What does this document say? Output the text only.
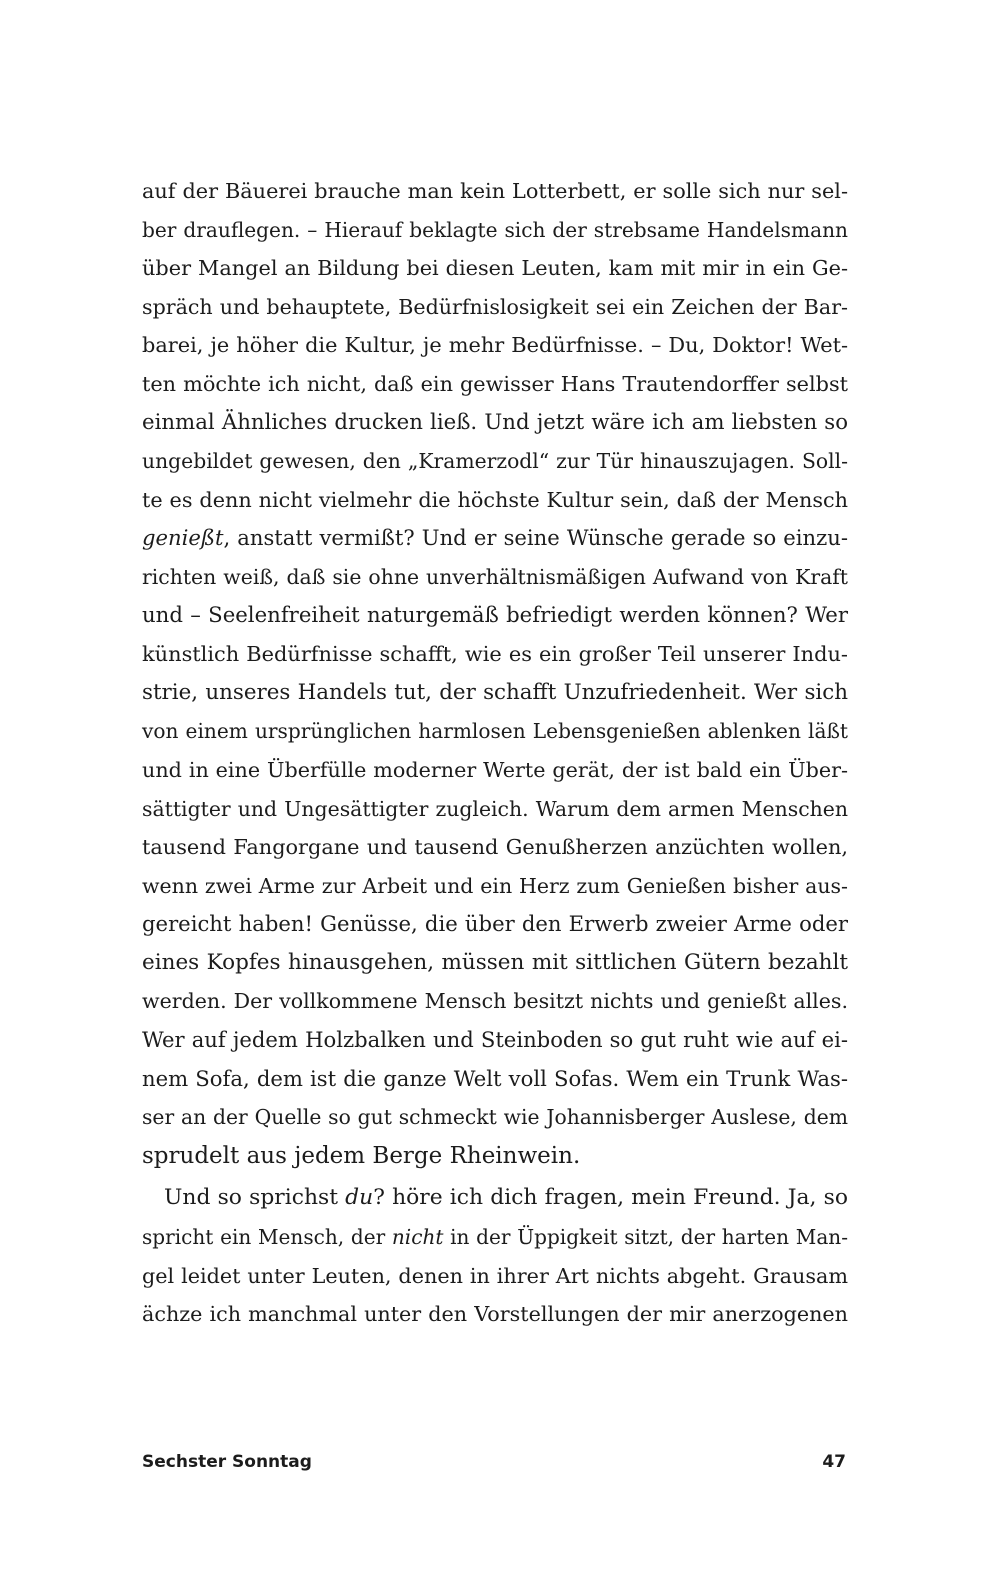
auf der Bäuerei brauche man kein Lotterbett, er solle sich nur sel-
ber drauflegen. – Hierauf beklagte sich der strebsame Handelsmann
über Mangel an Bildung bei diesen Leuten, kam mit mir in ein Ge-
spräch und behauptete, Bedürfnislosigkeit sei ein Zeichen der Bar-
barei, je höher die Kultur, je mehr Bedürfnisse. – Du, Doktor! Wet-
ten möchte ich nicht, daß ein gewisser Hans Trautendorffer selbst
einmal Ähnliches drucken ließ. Und jetzt wäre ich am liebsten so
ungebildet gewesen, den „Kramerzodl“ zur Tür hinauszujagen. Soll-
te es denn nicht vielmehr die höchste Kultur sein, daß der Mensch
genießt, anstatt vermißt? Und er seine Wünsche gerade so einzu-
richten weiß, daß sie ohne unverhältnismäßigen Aufwand von Kraft
und – Seelenfreiheit naturgemäß befriedigt werden können? Wer
künstlich Bedürfnisse schafft, wie es ein großer Teil unserer Indu-
strie, unseres Handels tut, der schafft Unzufriedenheit. Wer sich
von einem ursprünglichen harmlosen Lebensgenießen ablenken läßt
und in eine Überfülle moderner Werte gerät, der ist bald ein Über-
sättigter und Ungesättigter zugleich. Warum dem armen Menschen
tausend Fangorgane und tausend Genußherzen anzüchten wollen,
wenn zwei Arme zur Arbeit und ein Herz zum Genießen bisher aus-
gereicht haben! Genüsse, die über den Erwerb zweier Arme oder
eines Kopfes hinausgehen, müssen mit sittlichen Gütern bezahlt
werden. Der vollkommene Mensch besitzt nichts und genießt alles.
Wer auf jedem Holzbalken und Steinboden so gut ruht wie auf ei-
nem Sofa, dem ist die ganze Welt voll Sofas. Wem ein Trunk Was-
ser an der Quelle so gut schmeckt wie Johannisberger Auslese, dem
sprudelt aus jedem Berge Rheinwein.
Und so sprichst du? höre ich dich fragen, mein Freund. Ja, so
spricht ein Mensch, der nicht in der Üppigkeit sitzt, der harten Man-
gel leidet unter Leuten, denen in ihrer Art nichts abgeht. Grausam
ächze ich manchmal unter den Vorstellungen der mir anerzogenen
Sechster Sonntag	47
